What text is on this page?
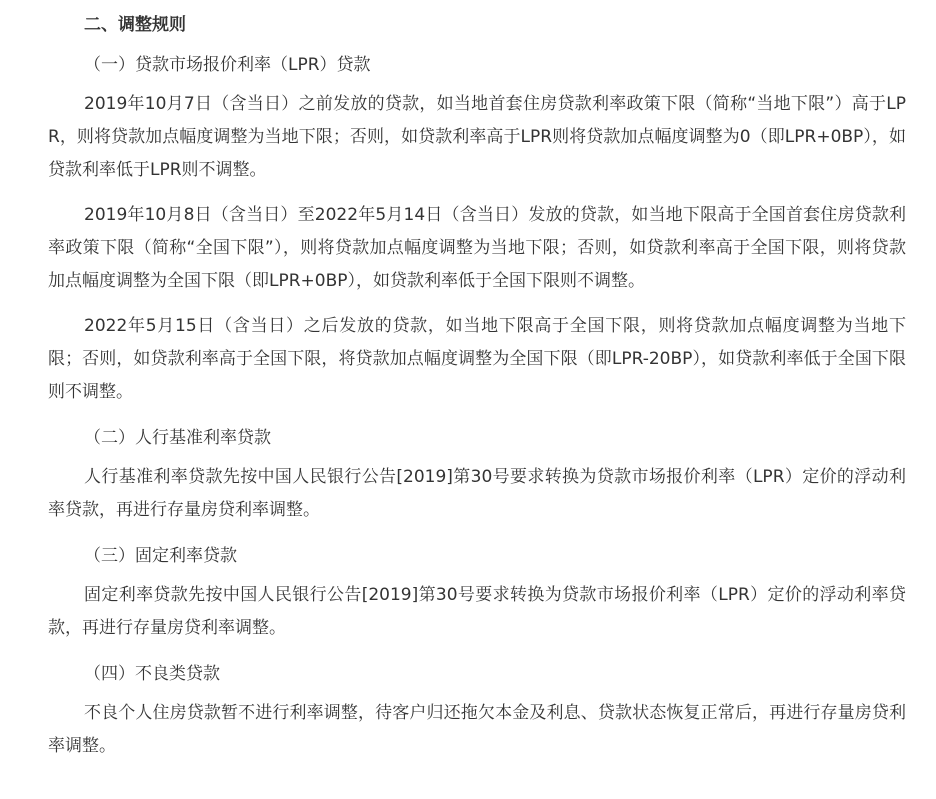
二、调整规则
（一）贷款市场报价利率（LPR）贷款

2019年10月7日（含当日）之前发放的贷款，如当地首套住房贷款利率政策下限（简称“当地下限”）高于LPR，则将贷款加点幅度调整为当地下限；否则，如贷款利率高于LPR则将贷款加点幅度调整为0（即LPR+0BP），如贷款利率低于LPR则不调整。

2019年10月8日（含当日）至2022年5月14日（含当日）发放的贷款，如当地下限高于全国首套住房贷款利率政策下限（简称“全国下限”），则将贷款加点幅度调整为当地下限；否则，如贷款利率高于全国下限，则将贷款加点幅度调整为全国下限（即LPR+0BP），如贷款利率低于全国下限则不调整。

2022年5月15日（含当日）之后发放的贷款，如当地下限高于全国下限，则将贷款加点幅度调整为当地下限；否则，如贷款利率高于全国下限，将贷款加点幅度调整为全国下限（即LPR-20BP），如贷款利率低于全国下限则不调整。

（二）人行基准利率贷款

人行基准利率贷款先按中国人民银行公告[2019]第30号要求转换为贷款市场报价利率（LPR）定价的浮动利率贷款，再进行存量房贷利率调整。

（三）固定利率贷款

固定利率贷款先按中国人民银行公告[2019]第30号要求转换为贷款市场报价利率（LPR）定价的浮动利率贷款，再进行存量房贷利率调整。

（四）不良类贷款

不良个人住房贷款暂不进行利率调整，待客户归还拖欠本金及利息、贷款状态恢复正常后，再进行存量房贷利率调整。
